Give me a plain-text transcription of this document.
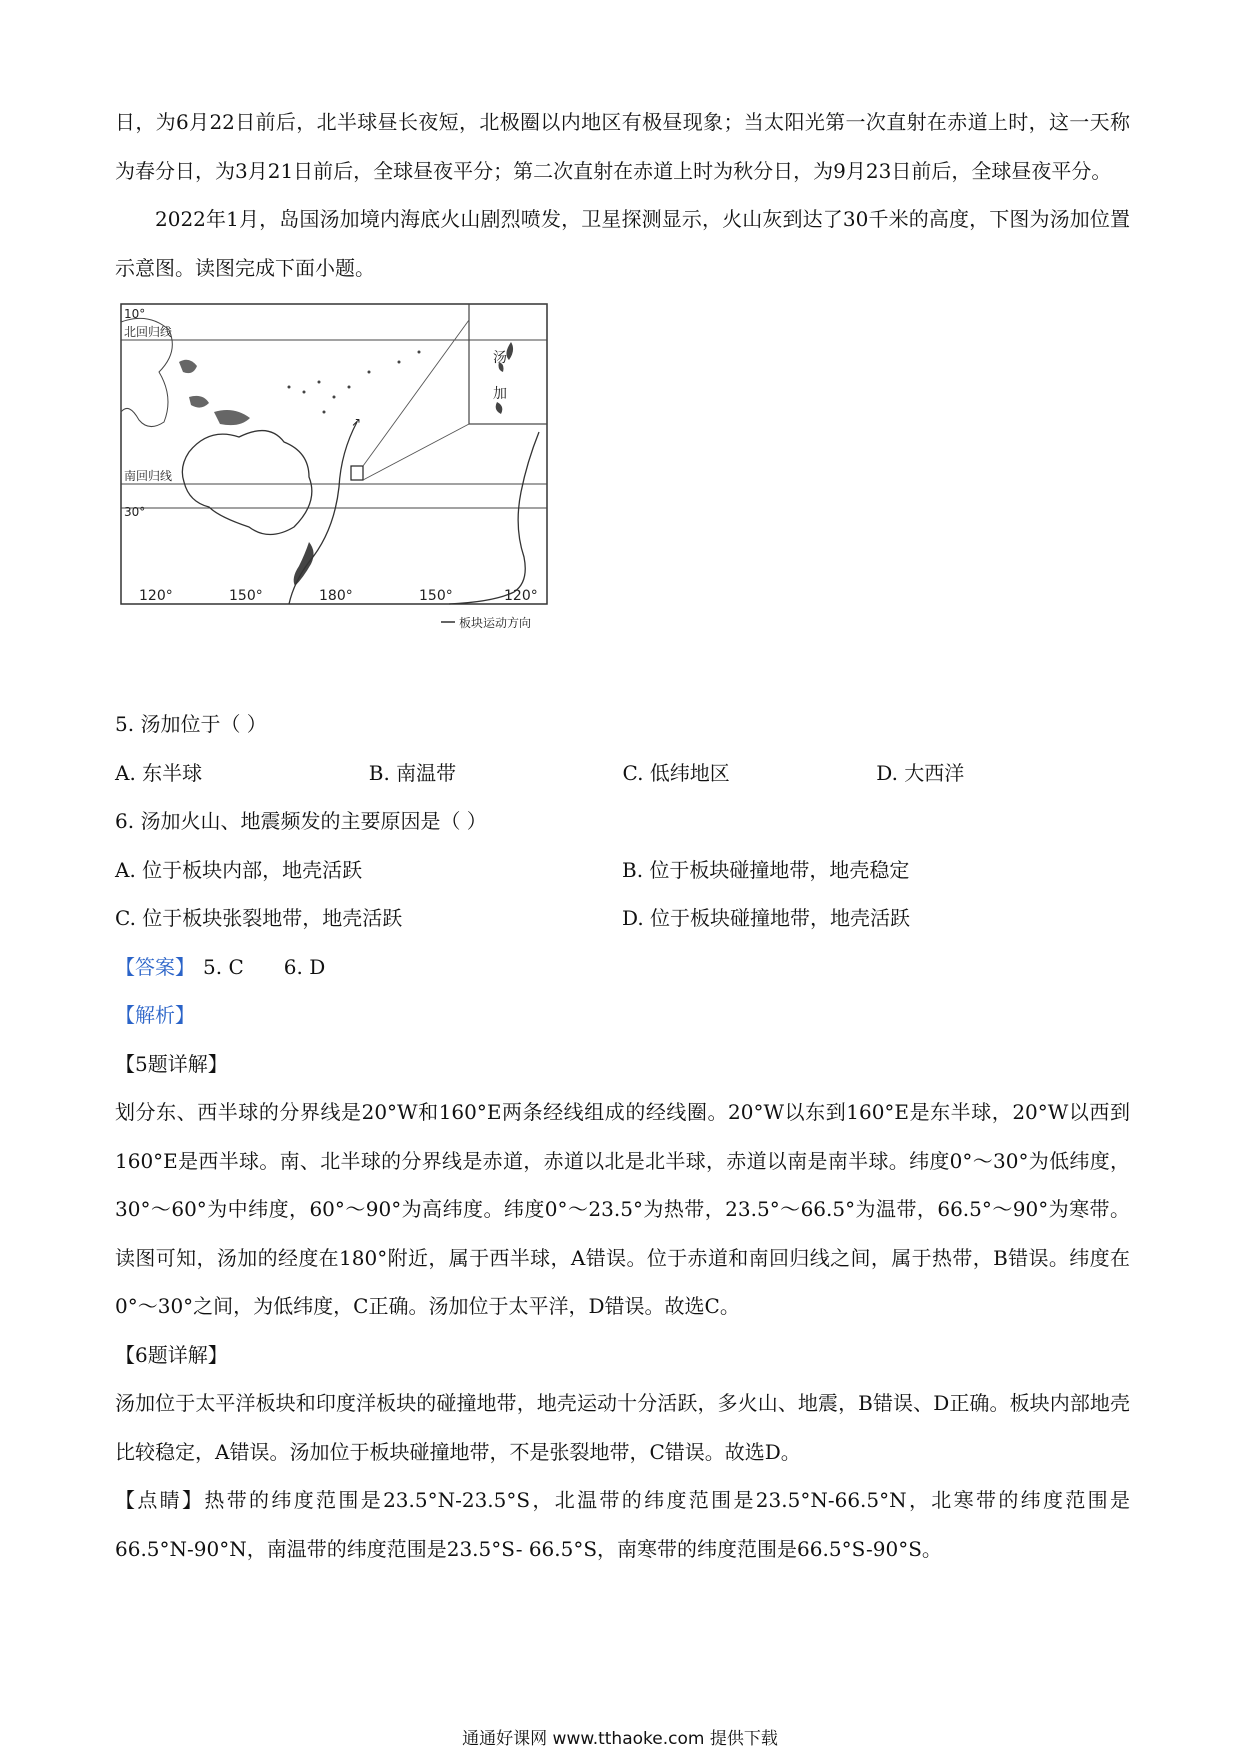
日，为6月22日前后，北半球昼长夜短，北极圈以内地区有极昼现象；当太阳光第一次直射在赤道上时，这一天称为春分日，为3月21日前后，全球昼夜平分；第二次直射在赤道上时为秋分日，为9月23日前后，全球昼夜平分。

2022年1月，岛国汤加境内海底火山剧烈喷发，卫星探测显示，火山灰到达了30千米的高度，下图为汤加位置示意图。读图完成下面小题。

10°
北回归线
南回归线
30°
汤
加
↗
120°	150°	180°	150°	120°
板块运动方向

5. 汤加位于（ ）

A. 东半球	B. 南温带	C. 低纬地区	D. 大西洋

6. 汤加火山、地震频发的主要原因是（ ）

A. 位于板块内部，地壳活跃	B. 位于板块碰撞地带，地壳稳定
C. 位于板块张裂地带，地壳活跃	D. 位于板块碰撞地带，地壳活跃

【答案】 5. C 6. D

【解析】

【5题详解】

划分东、西半球的分界线是20°W和160°E两条经线组成的经线圈。20°W以东到160°E是东半球，20°W以西到160°E是西半球。南、北半球的分界线是赤道，赤道以北是北半球，赤道以南是南半球。纬度0°～30°为低纬度，30°～60°为中纬度，60°～90°为高纬度。纬度0°～23.5°为热带，23.5°～66.5°为温带，66.5°～90°为寒带。读图可知，汤加的经度在180°附近，属于西半球，A错误。位于赤道和南回归线之间，属于热带，B错误。纬度在0°～30°之间，为低纬度，C正确。汤加位于太平洋，D错误。故选C。

【6题详解】

汤加位于太平洋板块和印度洋板块的碰撞地带，地壳运动十分活跃，多火山、地震，B错误、D正确。板块内部地壳比较稳定，A错误。汤加位于板块碰撞地带，不是张裂地带，C错误。故选D。

【点睛】热带的纬度范围是23.5°N-23.5°S，北温带的纬度范围是23.5°N-66.5°N，北寒带的纬度范围是66.5°N-90°N，南温带的纬度范围是23.5°S- 66.5°S，南寒带的纬度范围是66.5°S-90°S。

通通好课网 www.tthaoke.com 提供下载
